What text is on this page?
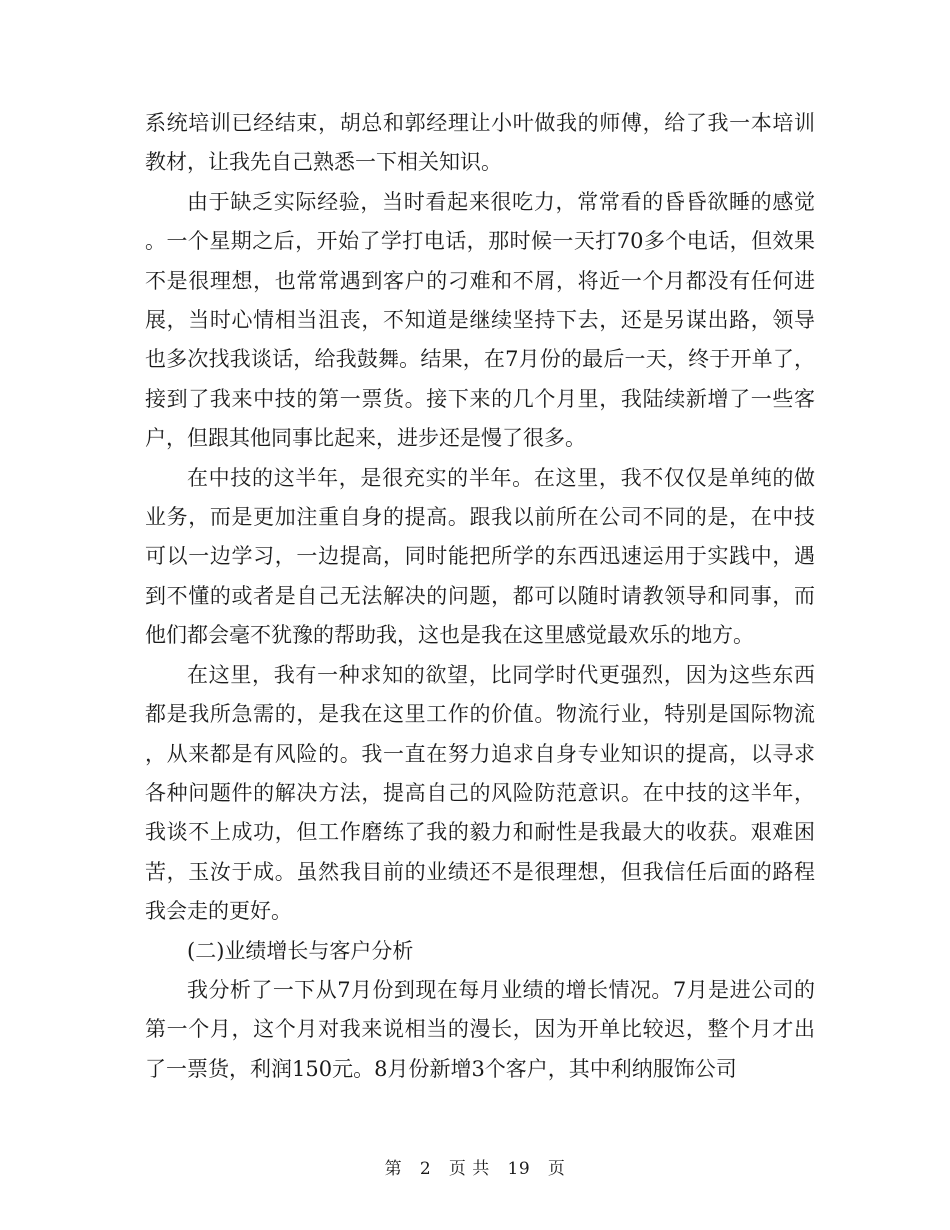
系统培训已经结束，胡总和郭经理让小叶做我的师傅，给了我一本培训教材，让我先自己熟悉一下相关知识。

由于缺乏实际经验，当时看起来很吃力，常常看的昏昏欲睡的感觉。一个星期之后，开始了学打电话，那时候一天打70多个电话，但效果不是很理想，也常常遇到客户的刁难和不屑，将近一个月都没有任何进展，当时心情相当沮丧，不知道是继续坚持下去，还是另谋出路，领导也多次找我谈话，给我鼓舞。结果，在7月份的最后一天，终于开单了，接到了我来中技的第一票货。接下来的几个月里，我陆续新增了一些客户，但跟其他同事比起来，进步还是慢了很多。

在中技的这半年，是很充实的半年。在这里，我不仅仅是单纯的做业务，而是更加注重自身的提高。跟我以前所在公司不同的是，在中技可以一边学习，一边提高，同时能把所学的东西迅速运用于实践中，遇到不懂的或者是自己无法解决的问题，都可以随时请教领导和同事，而他们都会毫不犹豫的帮助我，这也是我在这里感觉最欢乐的地方。

在这里，我有一种求知的欲望，比同学时代更强烈，因为这些东西都是我所急需的，是我在这里工作的价值。物流行业，特别是国际物流，从来都是有风险的。我一直在努力追求自身专业知识的提高，以寻求各种问题件的解决方法，提高自己的风险防范意识。在中技的这半年，我谈不上成功，但工作磨练了我的毅力和耐性是我最大的收获。艰难困苦，玉汝于成。虽然我目前的业绩还不是很理想，但我信任后面的路程我会走的更好。

(二)业绩增长与客户分析

我分析了一下从7月份到现在每月业绩的增长情况。7月是进公司的第一个月，这个月对我来说相当的漫长，因为开单比较迟，整个月才出了一票货，利润150元。8月份新增3个客户，其中利纳服饰公司

第 2 页 共 19 页
